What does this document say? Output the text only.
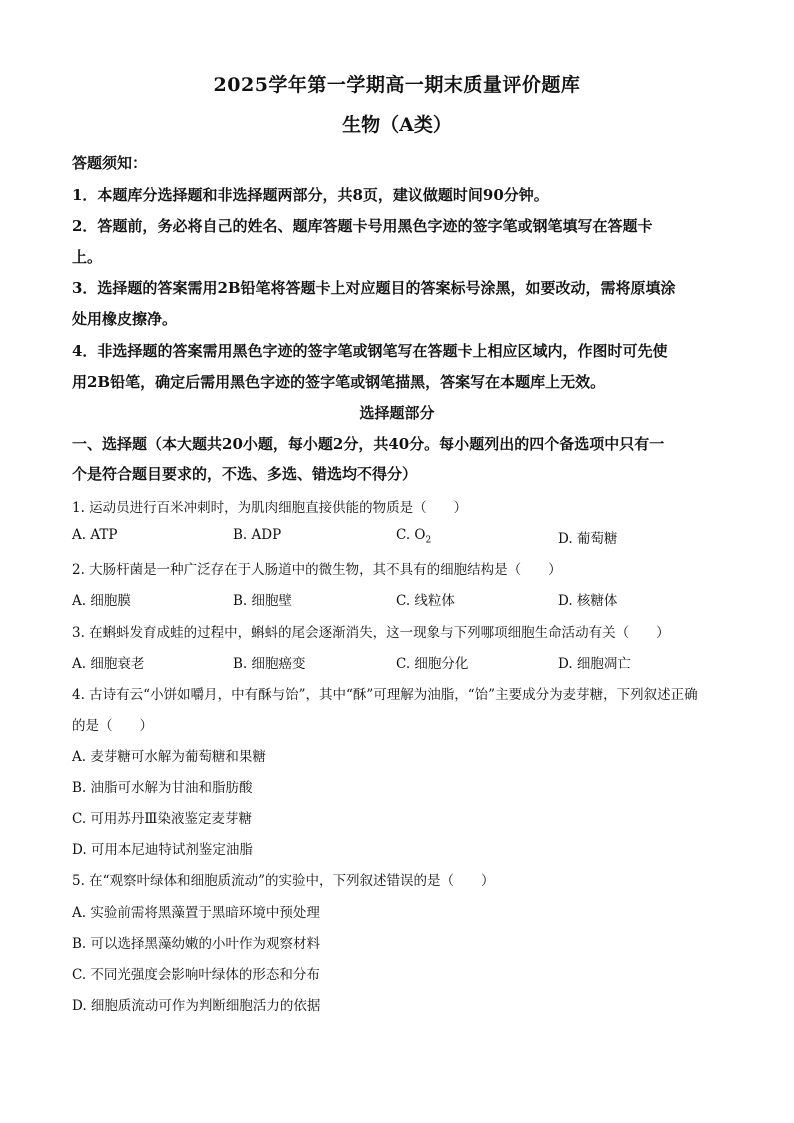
2025学年第一学期高一期末质量评价题库
生物（A类）
答题须知：
1．本题库分选择题和非选择题两部分，共8页，建议做题时间90分钟。
2．答题前，务必将自己的姓名、题库答题卡号用黑色字迹的签字笔或钢笔填写在答题卡
上。
3．选择题的答案需用2B铅笔将答题卡上对应题目的答案标号涂黑，如要改动，需将原填涂
处用橡皮擦净。
4．非选择题的答案需用黑色字迹的签字笔或钢笔写在答题卡上相应区域内，作图时可先使
用2B铅笔，确定后需用黑色字迹的签字笔或钢笔描黑，答案写在本题库上无效。
选择题部分
一、选择题（本大题共20小题，每小题2分，共40分。每小题列出的四个备选项中只有一
个是符合题目要求的，不选、多选、错选均不得分）
1. 运动员进行百米冲刺时，为肌肉细胞直接供能的物质是（　　）
A. ATP	B. ADP	C. $O_2$	D. 葡萄糖
2. 大肠杆菌是一种广泛存在于人肠道中的微生物，其不具有的细胞结构是（　　）
A. 细胞膜	B. 细胞壁	C. 线粒体	D. 核糖体
3. 在蝌蚪发育成蛙的过程中，蝌蚪的尾会逐渐消失，这一现象与下列哪项细胞生命活动有关（　　）
A. 细胞衰老	B. 细胞癌变	C. 细胞分化	D. 细胞凋亡
4. 古诗有云“小饼如嚼月，中有酥与饴”，其中“酥”可理解为油脂，“饴”主要成分为麦芽糖，下列叙述正确
的是（　　）
A. 麦芽糖可水解为葡萄糖和果糖
B. 油脂可水解为甘油和脂肪酸
C. 可用苏丹Ⅲ染液鉴定麦芽糖
D. 可用本尼迪特试剂鉴定油脂
5. 在“观察叶绿体和细胞质流动”的实验中，下列叙述错误的是（　　）
A. 实验前需将黑藻置于黑暗环境中预处理
B. 可以选择黑藻幼嫩的小叶作为观察材料
C. 不同光强度会影响叶绿体的形态和分布
D. 细胞质流动可作为判断细胞活力的依据
